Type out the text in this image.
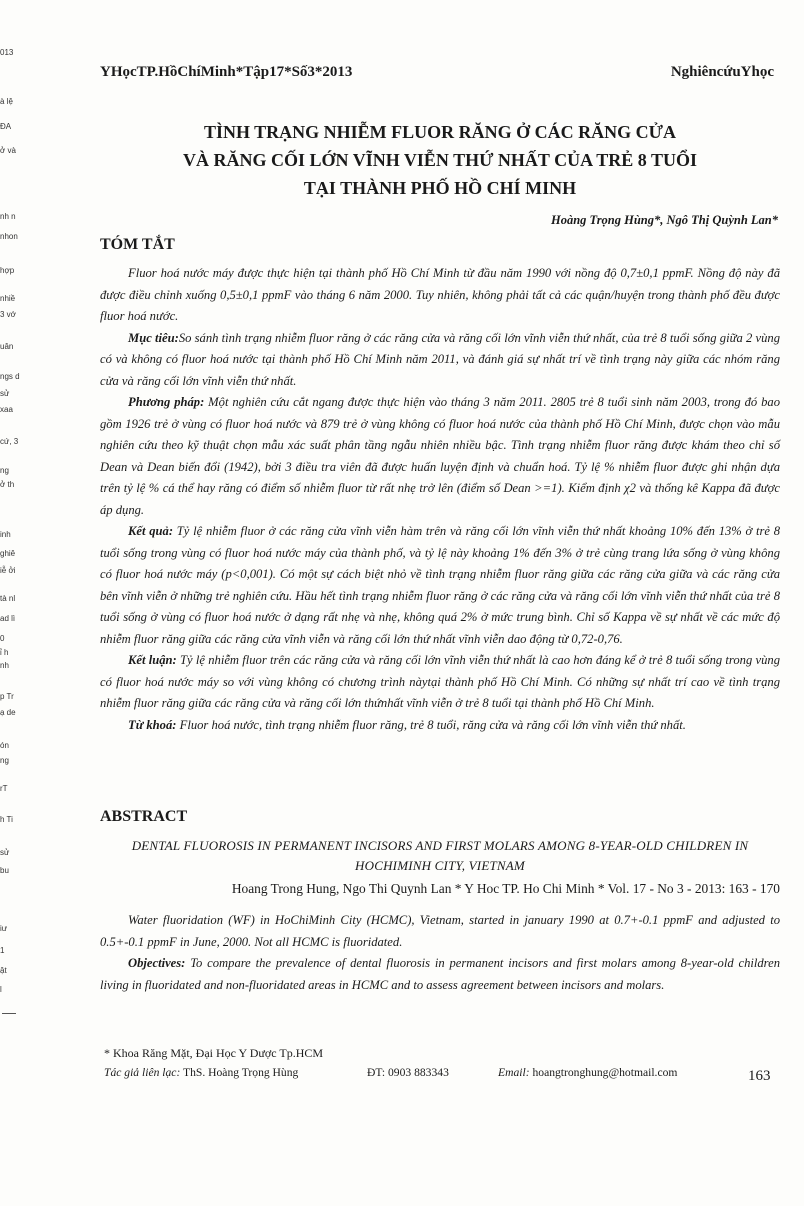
013
à lệ
ĐA
ở và
nh n
nhon
hợp
nhiề
3 vớ
uân
ngs d
sử
xaa
cứ, 3
ng
ở th
inh
ghiê
iễ ởi
tà nl
ad lì
0
ỉ h
nh
p Tr
ạ de
ón
ng
rT
sử
h Ti
bu
iư
1
ật
l
YHọcTP.HồChíMinh*Tập17*Số3*2013	NghiêncứuYhọc
TÌNH TRẠNG NHIỄM FLUOR RĂNG Ở CÁC RĂNG CỬA
VÀ RĂNG CỐI LỚN VĨNH VIỄN THỨ NHẤT CỦA TRẺ 8 TUỔI
TẠI THÀNH PHỐ HỒ CHÍ MINH
Hoàng Trọng Hùng*, Ngô Thị Quỳnh Lan*
TÓM TẮT

Fluor hoá nước máy được thực hiện tại thành phố Hồ Chí Minh từ đầu năm 1990 với nồng độ 0,7±0,1 ppmF. Nồng độ này đã được điều chỉnh xuống 0,5±0,1 ppmF vào tháng 6 năm 2000. Tuy nhiên, không phải tất cả các quận/huyện trong thành phố đều được fluor hoá nước.

Mục tiêu:So sánh tình trạng nhiễm fluor răng ở các răng cửa và răng cối lớn vĩnh viễn thứ nhất, của trẻ 8 tuổi sống giữa 2 vùng có và không có fluor hoá nước tại thành phố Hồ Chí Minh năm 2011, và đánh giá sự nhất trí về tình trạng này giữa các nhóm răng cửa và răng cối lớn vĩnh viễn thứ nhất.

Phương pháp: Một nghiên cứu cắt ngang được thực hiện vào tháng 3 năm 2011. 2805 trẻ 8 tuổi sinh năm 2003, trong đó bao gồm 1926 trẻ ở vùng có fluor hoá nước và 879 trẻ ở vùng không có fluor hoá nước của thành phố Hồ Chí Minh, được chọn vào mẫu nghiên cứu theo kỹ thuật chọn mẫu xác suất phân tầng ngẫu nhiên nhiều bậc. Tình trạng nhiễm fluor răng được khám theo chỉ số Dean và Dean biến đổi (1942), bởi 3 điều tra viên đã được huấn luyện định và chuẩn hoá. Tỷ lệ % nhiễm fluor được ghi nhận dựa trên tỷ lệ % cá thể hay răng có điểm số nhiễm fluor từ rất nhẹ trở lên (điểm số Dean >=1). Kiểm định χ2 và thống kê Kappa đã được áp dụng.

Kết quả: Tỷ lệ nhiễm fluor ở các răng cửa vĩnh viễn hàm trên và răng cối lớn vĩnh viễn thứ nhất khoảng 10% đến 13% ở trẻ 8 tuổi sống trong vùng có fluor hoá nước máy của thành phố, và tỷ lệ này khoảng 1% đến 3% ở trẻ cùng trang lứa sống ở vùng không có fluor hoá nước máy (p<0,001). Có một sự cách biệt nhỏ về tình trạng nhiễm fluor răng giữa các răng cửa giữa và các răng cửa bên vĩnh viễn ở những trẻ nghiên cứu. Hầu hết tình trạng nhiễm fluor răng ở các răng cửa và răng cối lớn vĩnh viễn thứ nhất của trẻ 8 tuổi sống ở vùng có fluor hoá nước ở dạng rất nhẹ và nhẹ, không quá 2% ở mức trung bình. Chỉ số Kappa về sự nhất về các mức độ nhiễm fluor răng giữa các răng cửa vĩnh viễn và răng cối lớn thứ nhất vĩnh viễn dao động từ 0,72-0,76.

Kết luận: Tỷ lệ nhiễm fluor trên các răng cửa và răng cối lớn vĩnh viễn thứ nhất là cao hơn đáng kể ở trẻ 8 tuổi sống trong vùng có fluor hoá nước máy so với vùng không có chương trình nàytại thành phố Hồ Chí Minh. Có những sự nhất trí cao về tình trạng nhiễm fluor răng giữa các răng cửa và răng cối lớn thứnhất vĩnh viễn ở trẻ 8 tuổi tại thành phố Hồ Chí Minh.

Từ khoá: Fluor hoá nước, tình trạng nhiễm fluor răng, trẻ 8 tuổi, răng cửa và răng cối lớn vĩnh viễn thứ nhất.

ABSTRACT
DENTAL FLUOROSIS IN PERMANENT INCISORS AND FIRST MOLARS AMONG 8-YEAR-OLD CHILDREN IN HOCHIMINH CITY, VIETNAM
Hoang Trong Hung, Ngo Thi Quynh Lan * Y Hoc TP. Ho Chi Minh * Vol. 17 - No 3 - 2013: 163 - 170

Water fluoridation (WF) in HoChiMinh City (HCMC), Vietnam, started in january 1990 at 0.7+-0.1 ppmF and adjusted to 0.5+-0.1 ppmF in June, 2000. Not all HCMC is fluoridated.

Objectives: To compare the prevalence of dental fluorosis in permanent incisors and first molars among 8-year-old children living in fluoridated and non-fluoridated areas in HCMC and to assess agreement between incisors and molars.

* Khoa Răng Mặt, Đại Học Y Dược Tp.HCM
Tác giả liên lạc: ThS. Hoàng Trọng Hùng	ĐT: 0903 883343	Email: hoangtronghung@hotmail.com	163
